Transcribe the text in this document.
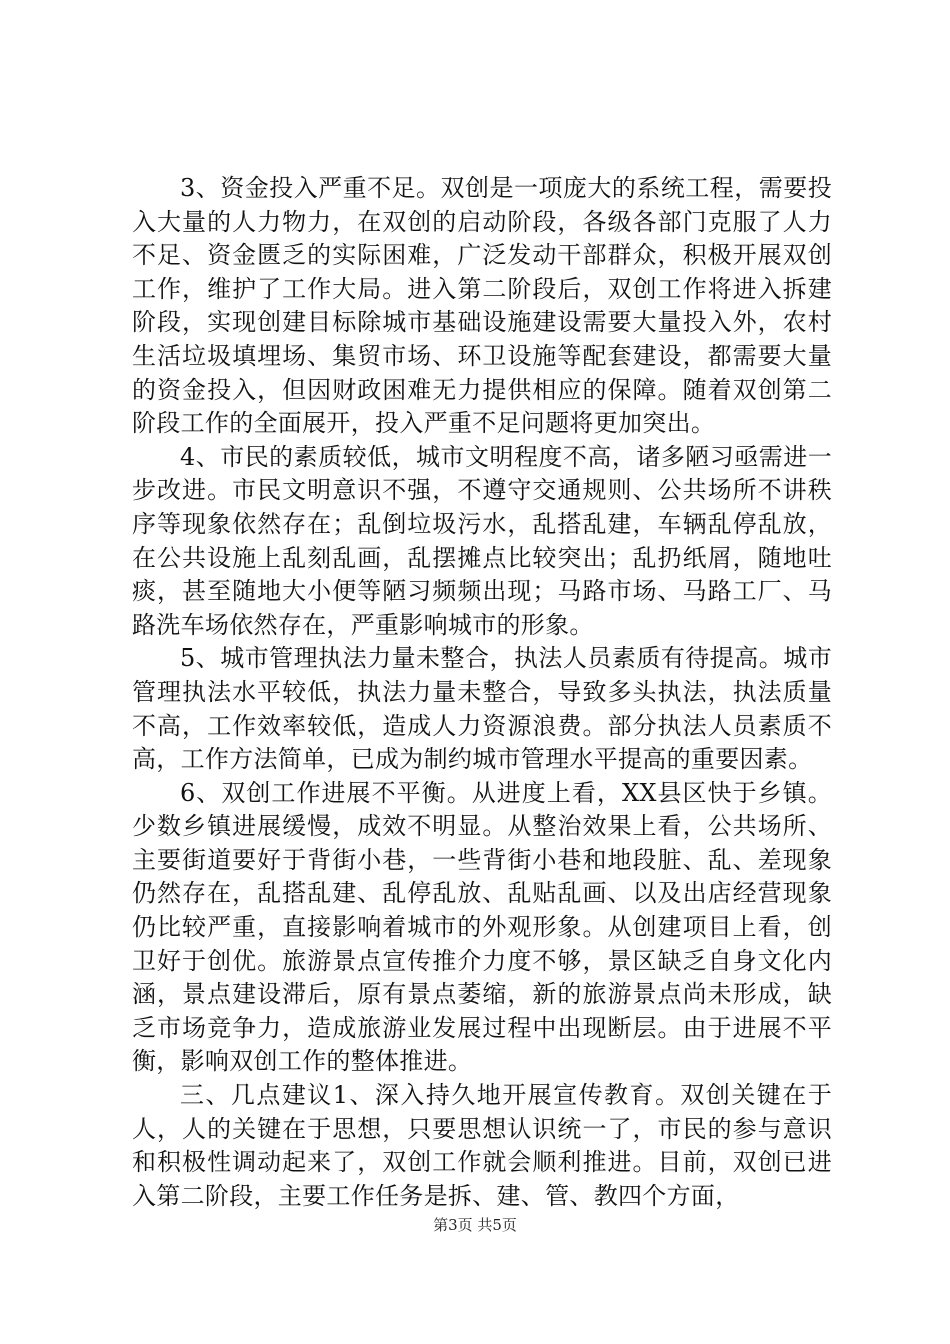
3、资金投入严重不足。双创是一项庞大的系统工程，需要投入大量的人力物力，在双创的启动阶段，各级各部门克服了人力不足、资金匮乏的实际困难，广泛发动干部群众，积极开展双创工作，维护了工作大局。进入第二阶段后，双创工作将进入拆建阶段，实现创建目标除城市基础设施建设需要大量投入外，农村生活垃圾填埋场、集贸市场、环卫设施等配套建设，都需要大量的资金投入，但因财政困难无力提供相应的保障。随着双创第二阶段工作的全面展开，投入严重不足问题将更加突出。

4、市民的素质较低，城市文明程度不高，诸多陋习亟需进一步改进。市民文明意识不强，不遵守交通规则、公共场所不讲秩序等现象依然存在；乱倒垃圾污水，乱搭乱建，车辆乱停乱放，在公共设施上乱刻乱画，乱摆摊点比较突出；乱扔纸屑，随地吐痰，甚至随地大小便等陋习频频出现；马路市场、马路工厂、马路洗车场依然存在，严重影响城市的形象。

5、城市管理执法力量未整合，执法人员素质有待提高。城市管理执法水平较低，执法力量未整合，导致多头执法，执法质量不高，工作效率较低，造成人力资源浪费。部分执法人员素质不高，工作方法简单，已成为制约城市管理水平提高的重要因素。

6、双创工作进展不平衡。从进度上看，XX县区快于乡镇。少数乡镇进展缓慢，成效不明显。从整治效果上看，公共场所、主要街道要好于背街小巷，一些背街小巷和地段脏、乱、差现象仍然存在，乱搭乱建、乱停乱放、乱贴乱画、以及出店经营现象仍比较严重，直接影响着城市的外观形象。从创建项目上看，创卫好于创优。旅游景点宣传推介力度不够，景区缺乏自身文化内涵，景点建设滞后，原有景点萎缩，新的旅游景点尚未形成，缺乏市场竞争力，造成旅游业发展过程中出现断层。由于进展不平衡，影响双创工作的整体推进。

三、几点建议1、深入持久地开展宣传教育。双创关键在于人，人的关键在于思想，只要思想认识统一了，市民的参与意识和积极性调动起来了，双创工作就会顺利推进。目前，双创已进入第二阶段，主要工作任务是拆、建、管、教四个方面，

第3页 共5页
